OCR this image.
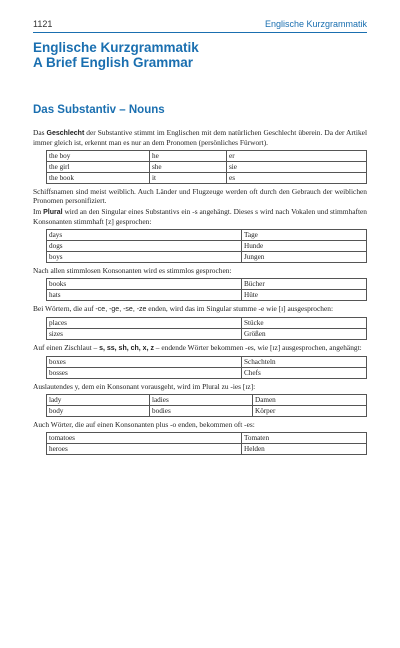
1121	Englische Kurzgrammatik
Englische Kurzgrammatik
A Brief English Grammar
Das Substantiv – Nouns

Das Geschlecht der Substantive stimmt im Englischen mit dem natürlichen Geschlecht überein. Da der Artikel immer gleich ist, erkennt man es nur an dem Pronomen (persönliches Fürwort).

the boy	he	er
the girl	she	sie
the book	it	es

Schiffsnamen sind meist weiblich. Auch Länder und Flugzeuge werden oft durch den Gebrauch der weiblichen Pronomen personifiziert.

Im Plural wird an den Singular eines Substantivs ein -s angehängt. Dieses s wird nach Vokalen und stimmhaften Konsonanten stimmhaft [z] gesprochen:

days	Tage
dogs	Hunde
boys	Jungen

Nach allen stimmlosen Konsonanten wird es stimmlos gesprochen:

books	Bücher
hats	Hüte

Bei Wörtern, die auf -ce, -ge, -se, -ze enden, wird das im Singular stumme -e wie [ɪ] ausgesprochen:

places	Stücke
sizes	Größen

Auf einen Zischlaut – s, ss, sh, ch, x, z – endende Wörter bekommen -es, wie [ɪz] ausgesprochen, angehängt:

boxes	Schachteln
bosses	Chefs

Auslautendes y, dem ein Konsonant vorausgeht, wird im Plural zu -ies [ɪz]:

lady	ladies	Damen
body	bodies	Körper

Auch Wörter, die auf einen Konsonanten plus -o enden, bekommen oft -es:

tomatoes	Tomaten
heroes	Helden
